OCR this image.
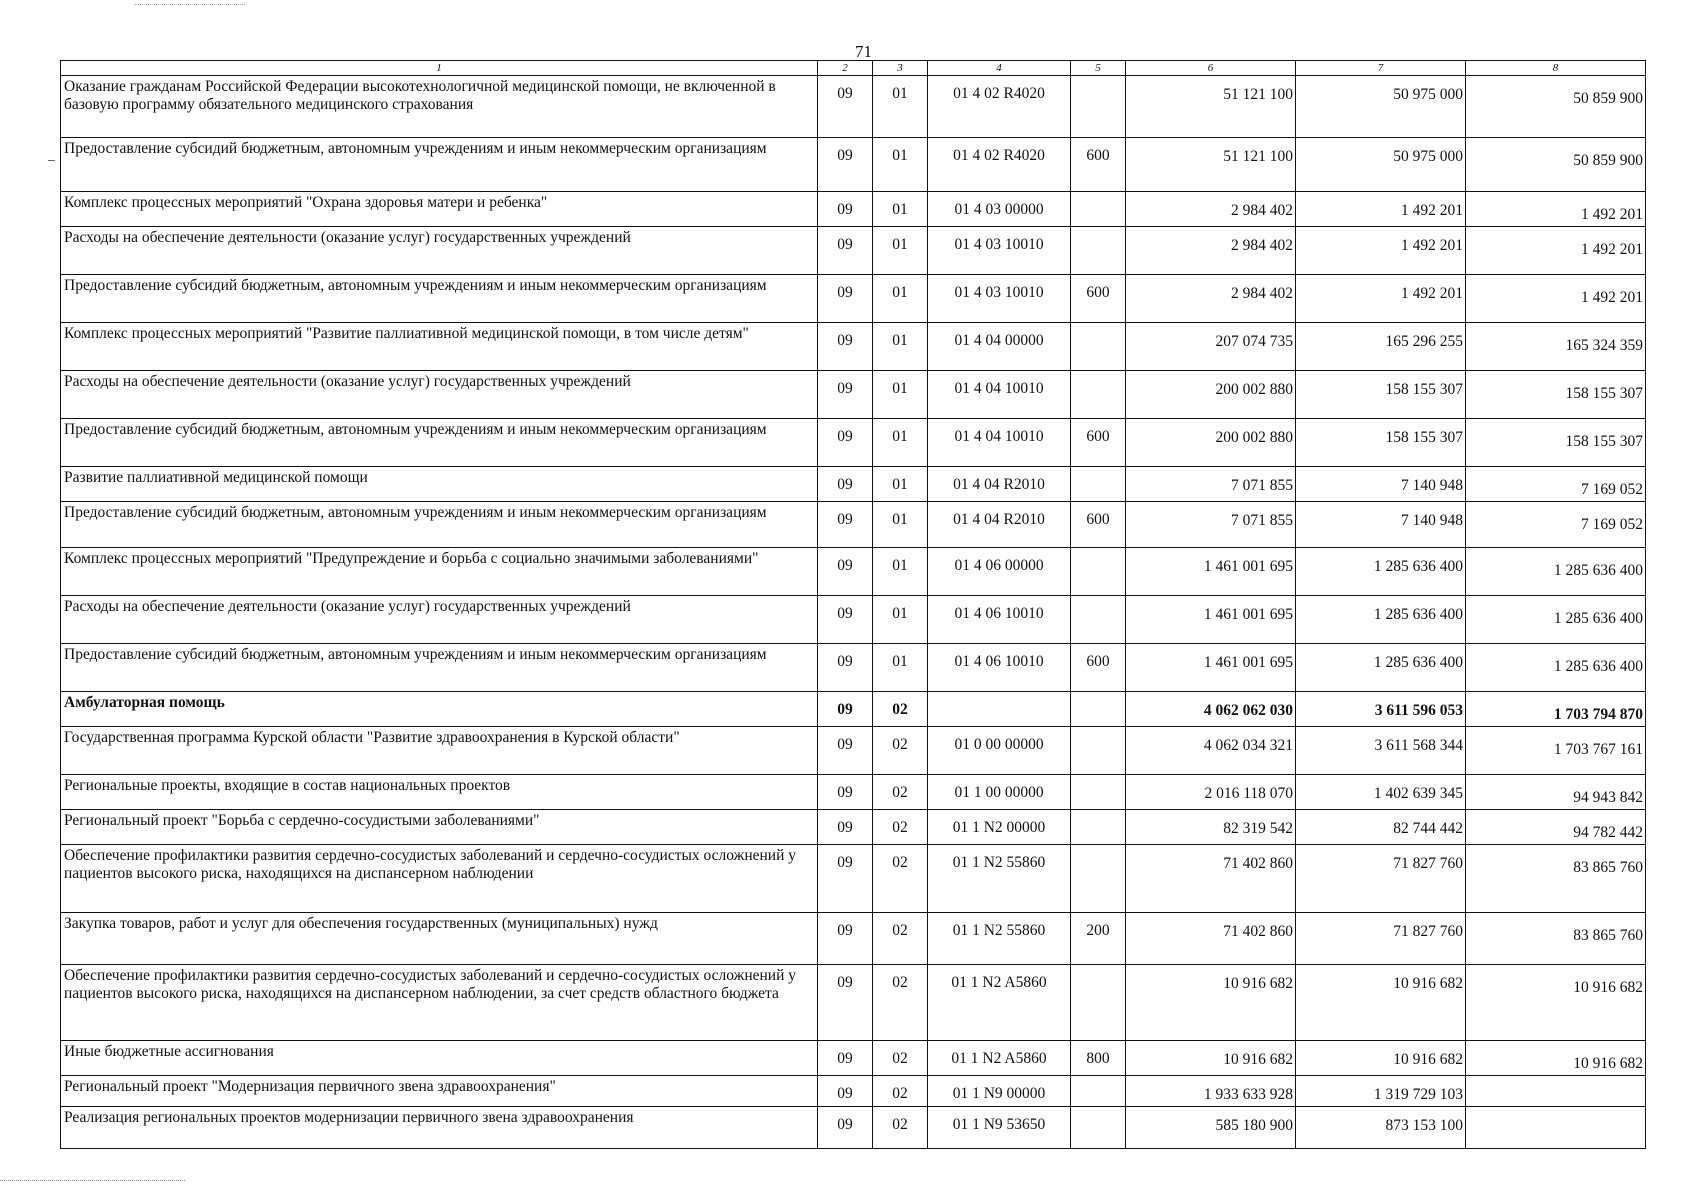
71
1	2	3	4	5	6	7	8
Оказание гражданам Российской Федерации высокотехнологичной медицинской помощи, не включенной в базовую программу обязательного медицинского страхования	09	01	01 4 02 R4020		51 121 100	50 975 000	50 859 900
Предоставление субсидий бюджетным, автономным учреждениям и иным некоммерческим организациям	09	01	01 4 02 R4020	600	51 121 100	50 975 000	50 859 900
Комплекс процессных мероприятий "Охрана здоровья матери и ребенка"	09	01	01 4 03 00000		2 984 402	1 492 201	1 492 201
Расходы на обеспечение деятельности (оказание услуг) государственных учреждений	09	01	01 4 03 10010		2 984 402	1 492 201	1 492 201
Предоставление субсидий бюджетным, автономным учреждениям и иным некоммерческим организациям	09	01	01 4 03 10010	600	2 984 402	1 492 201	1 492 201
Комплекс процессных мероприятий "Развитие паллиативной медицинской помощи, в том числе детям"	09	01	01 4 04 00000		207 074 735	165 296 255	165 324 359
Расходы на обеспечение деятельности (оказание услуг) государственных учреждений	09	01	01 4 04 10010		200 002 880	158 155 307	158 155 307
Предоставление субсидий бюджетным, автономным учреждениям и иным некоммерческим организациям	09	01	01 4 04 10010	600	200 002 880	158 155 307	158 155 307
Развитие паллиативной медицинской помощи	09	01	01 4 04 R2010		7 071 855	7 140 948	7 169 052
Предоставление субсидий бюджетным, автономным учреждениям и иным некоммерческим организациям	09	01	01 4 04 R2010	600	7 071 855	7 140 948	7 169 052
Комплекс процессных мероприятий "Предупреждение и борьба с социально значимыми заболеваниями"	09	01	01 4 06 00000		1 461 001 695	1 285 636 400	1 285 636 400
Расходы на обеспечение деятельности (оказание услуг) государственных учреждений	09	01	01 4 06 10010		1 461 001 695	1 285 636 400	1 285 636 400
Предоставление субсидий бюджетным, автономным учреждениям и иным некоммерческим организациям	09	01	01 4 06 10010	600	1 461 001 695	1 285 636 400	1 285 636 400
Амбулаторная помощь	09	02			4 062 062 030	3 611 596 053	1 703 794 870
Государственная программа Курской области "Развитие здравоохранения в Курской области"	09	02	01 0 00 00000		4 062 034 321	3 611 568 344	1 703 767 161
Региональные проекты, входящие в состав национальных проектов	09	02	01 1 00 00000		2 016 118 070	1 402 639 345	94 943 842
Региональный проект "Борьба с сердечно-сосудистыми заболеваниями"	09	02	01 1 N2 00000		82 319 542	82 744 442	94 782 442
Обеспечение профилактики развития сердечно-сосудистых заболеваний и сердечно-сосудистых осложнений у пациентов высокого риска, находящихся на диспансерном наблюдении	09	02	01 1 N2 55860		71 402 860	71 827 760	83 865 760
Закупка товаров, работ и услуг для обеспечения государственных (муниципальных) нужд	09	02	01 1 N2 55860	200	71 402 860	71 827 760	83 865 760
Обеспечение профилактики развития сердечно-сосудистых заболеваний и сердечно-сосудистых осложнений у пациентов высокого риска, находящихся на диспансерном наблюдении, за счет средств областного бюджета	09	02	01 1 N2 A5860		10 916 682	10 916 682	10 916 682
Иные бюджетные ассигнования	09	02	01 1 N2 A5860	800	10 916 682	10 916 682	10 916 682
Региональный проект "Модернизация первичного звена здравоохранения"	09	02	01 1 N9 00000		1 933 633 928	1 319 729 103	
Реализация региональных проектов модернизации первичного звена здравоохранения	09	02	01 1 N9 53650		585 180 900	873 153 100	
